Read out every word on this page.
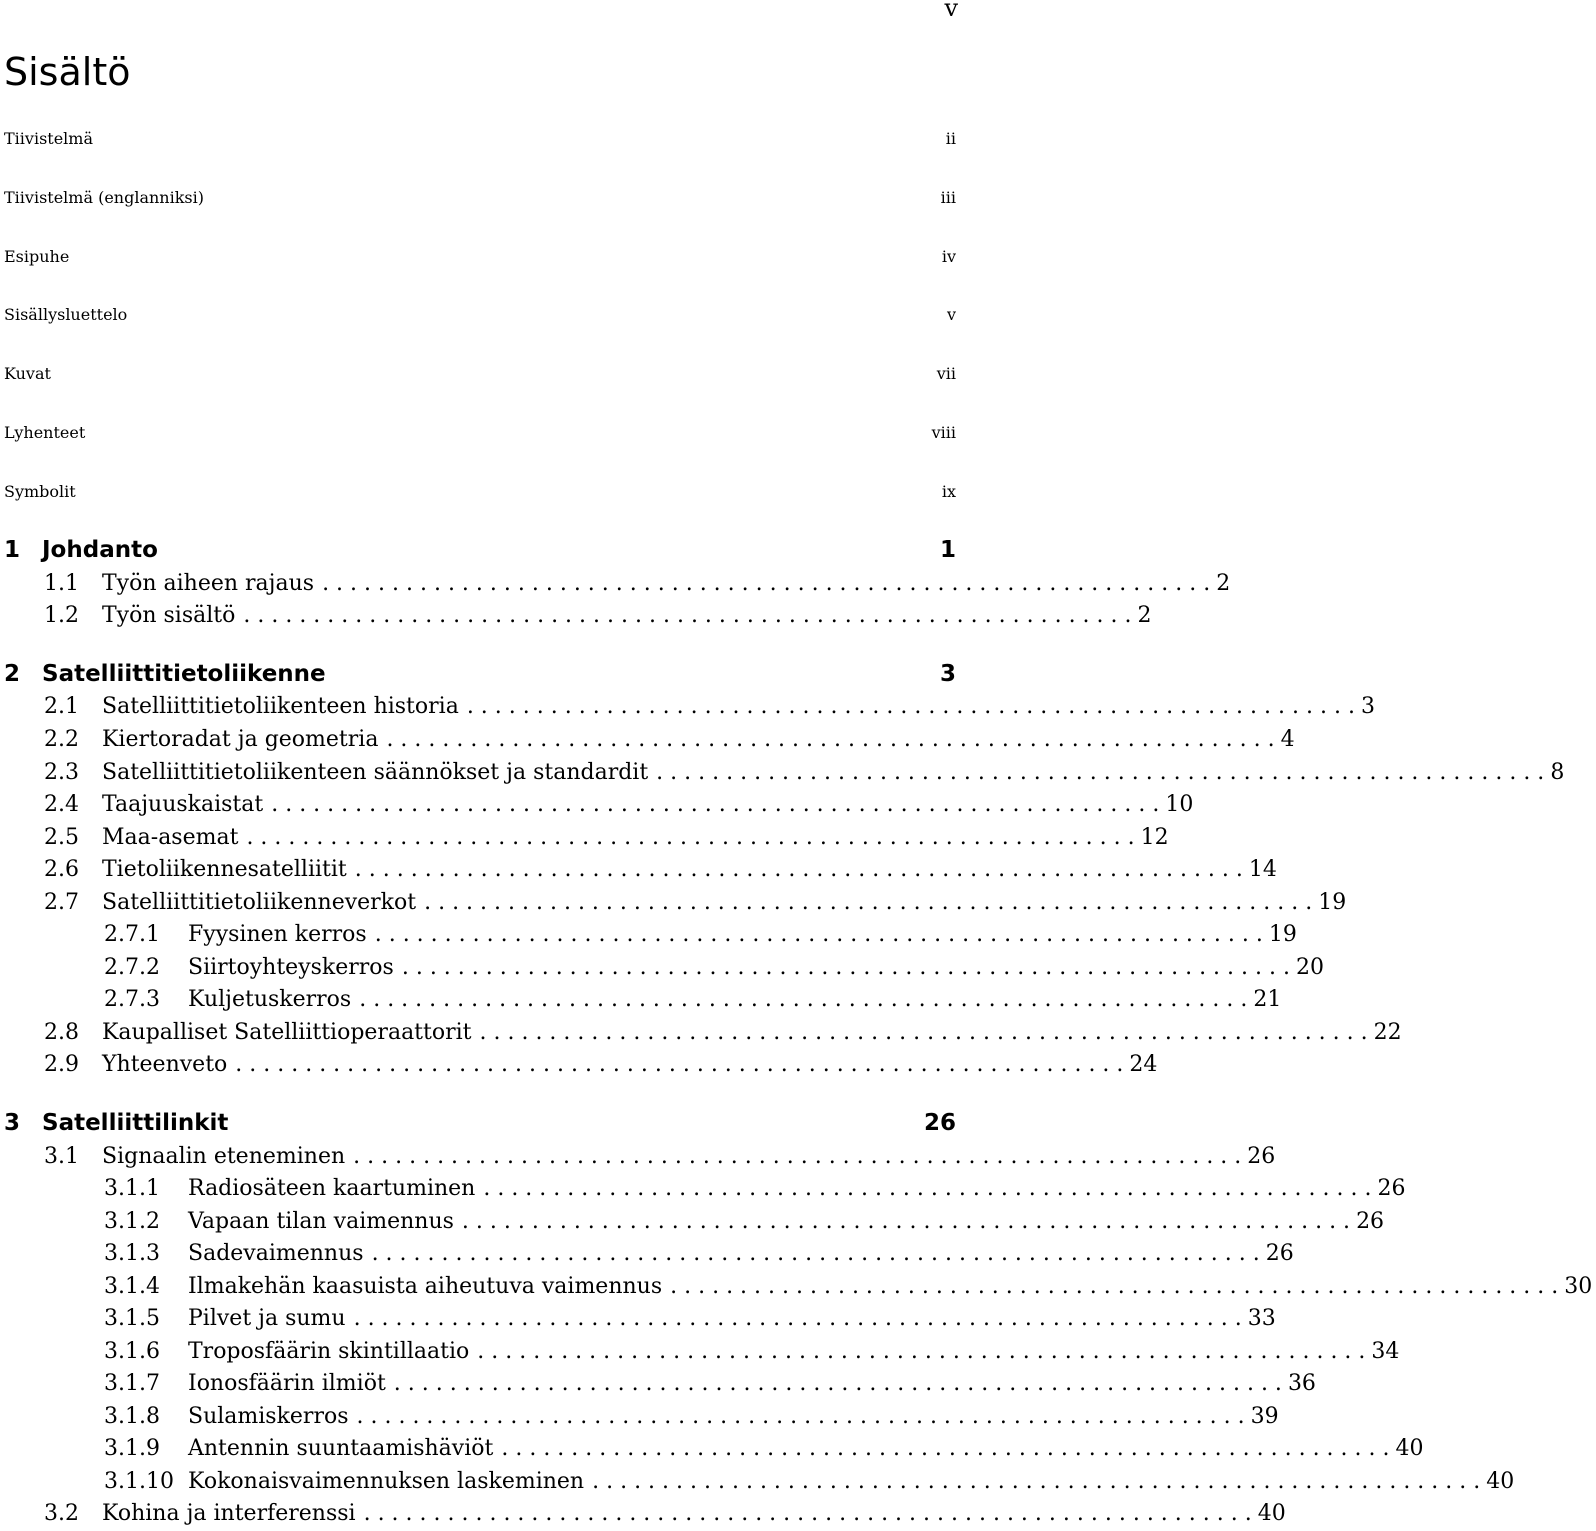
v
Sisältö
Tiivistelmä	ii
Tiivistelmä (englanniksi)	iii
Esipuhe	iv
Sisällysluettelo	v
Kuvat	vii
Lyhenteet	viii
Symbolit	ix
1 Johdanto	1
1.1	Työn aiheen rajaus . . . . . . . . . . . . . . . . . . . . . . . . . . . . . . . . . . . . . . . . . . . . . . . . . . . . . . . . . . . . . . . . 2
1.2	Työn sisältö . . . . . . . . . . . . . . . . . . . . . . . . . . . . . . . . . . . . . . . . . . . . . . . . . . . . . . . . . . . . . . . . 2
2 Satelliittitietoliikenne	3
2.1	Satelliittitietoliikenteen historia . . . . . . . . . . . . . . . . . . . . . . . . . . . . . . . . . . . . . . . . . . . . . . . . . . . . . . . . . . . . . . . . 3
2.2	Kiertoradat ja geometria . . . . . . . . . . . . . . . . . . . . . . . . . . . . . . . . . . . . . . . . . . . . . . . . . . . . . . . . . . . . . . . . 4
2.3	Satelliittitietoliikenteen säännökset ja standardit . . . . . . . . . . . . . . . . . . . . . . . . . . . . . . . . . . . . . . . . . . . . . . . . . . . . . . . . . . . . . . . . 8
2.4	Taajuuskaistat . . . . . . . . . . . . . . . . . . . . . . . . . . . . . . . . . . . . . . . . . . . . . . . . . . . . . . . . . . . . . . . . 10
2.5	Maa-asemat . . . . . . . . . . . . . . . . . . . . . . . . . . . . . . . . . . . . . . . . . . . . . . . . . . . . . . . . . . . . . . . . 12
2.6	Tietoliikennesatelliitit . . . . . . . . . . . . . . . . . . . . . . . . . . . . . . . . . . . . . . . . . . . . . . . . . . . . . . . . . . . . . . . . 14
2.7	Satelliittitietoliikenneverkot . . . . . . . . . . . . . . . . . . . . . . . . . . . . . . . . . . . . . . . . . . . . . . . . . . . . . . . . . . . . . . . . 19
2.7.1	Fyysinen kerros . . . . . . . . . . . . . . . . . . . . . . . . . . . . . . . . . . . . . . . . . . . . . . . . . . . . . . . . . . . . . . . . 19
2.7.2	Siirtoyhteyskerros . . . . . . . . . . . . . . . . . . . . . . . . . . . . . . . . . . . . . . . . . . . . . . . . . . . . . . . . . . . . . . . . 20
2.7.3	Kuljetuskerros . . . . . . . . . . . . . . . . . . . . . . . . . . . . . . . . . . . . . . . . . . . . . . . . . . . . . . . . . . . . . . . . 21
2.8	Kaupalliset Satelliittioperaattorit . . . . . . . . . . . . . . . . . . . . . . . . . . . . . . . . . . . . . . . . . . . . . . . . . . . . . . . . . . . . . . . . 22
2.9	Yhteenveto . . . . . . . . . . . . . . . . . . . . . . . . . . . . . . . . . . . . . . . . . . . . . . . . . . . . . . . . . . . . . . . . 24
3 Satelliittilinkit	26
3.1	Signaalin eteneminen . . . . . . . . . . . . . . . . . . . . . . . . . . . . . . . . . . . . . . . . . . . . . . . . . . . . . . . . . . . . . . . . 26
3.1.1	Radiosäteen kaartuminen . . . . . . . . . . . . . . . . . . . . . . . . . . . . . . . . . . . . . . . . . . . . . . . . . . . . . . . . . . . . . . . . 26
3.1.2	Vapaan tilan vaimennus . . . . . . . . . . . . . . . . . . . . . . . . . . . . . . . . . . . . . . . . . . . . . . . . . . . . . . . . . . . . . . . . 26
3.1.3	Sadevaimennus . . . . . . . . . . . . . . . . . . . . . . . . . . . . . . . . . . . . . . . . . . . . . . . . . . . . . . . . . . . . . . . . 26
3.1.4	Ilmakehän kaasuista aiheutuva vaimennus . . . . . . . . . . . . . . . . . . . . . . . . . . . . . . . . . . . . . . . . . . . . . . . . . . . . . . . . . . . . . . . . 30
3.1.5	Pilvet ja sumu . . . . . . . . . . . . . . . . . . . . . . . . . . . . . . . . . . . . . . . . . . . . . . . . . . . . . . . . . . . . . . . . 33
3.1.6	Troposfäärin skintillaatio . . . . . . . . . . . . . . . . . . . . . . . . . . . . . . . . . . . . . . . . . . . . . . . . . . . . . . . . . . . . . . . . 34
3.1.7	Ionosfäärin ilmiöt . . . . . . . . . . . . . . . . . . . . . . . . . . . . . . . . . . . . . . . . . . . . . . . . . . . . . . . . . . . . . . . . 36
3.1.8	Sulamiskerros . . . . . . . . . . . . . . . . . . . . . . . . . . . . . . . . . . . . . . . . . . . . . . . . . . . . . . . . . . . . . . . . 39
3.1.9	Antennin suuntaamishäviöt . . . . . . . . . . . . . . . . . . . . . . . . . . . . . . . . . . . . . . . . . . . . . . . . . . . . . . . . . . . . . . . . 40
3.1.10 Kokonaisvaimennuksen laskeminen . . . . . . . . . . . . . . . . . . . . . . . . . . . . . . . . . . . . . . . . . . . . . . . . . . . . . . . . . . . . . . . . 40
3.2	Kohina ja interferenssi . . . . . . . . . . . . . . . . . . . . . . . . . . . . . . . . . . . . . . . . . . . . . . . . . . . . . . . . . . . . . . . . 40
